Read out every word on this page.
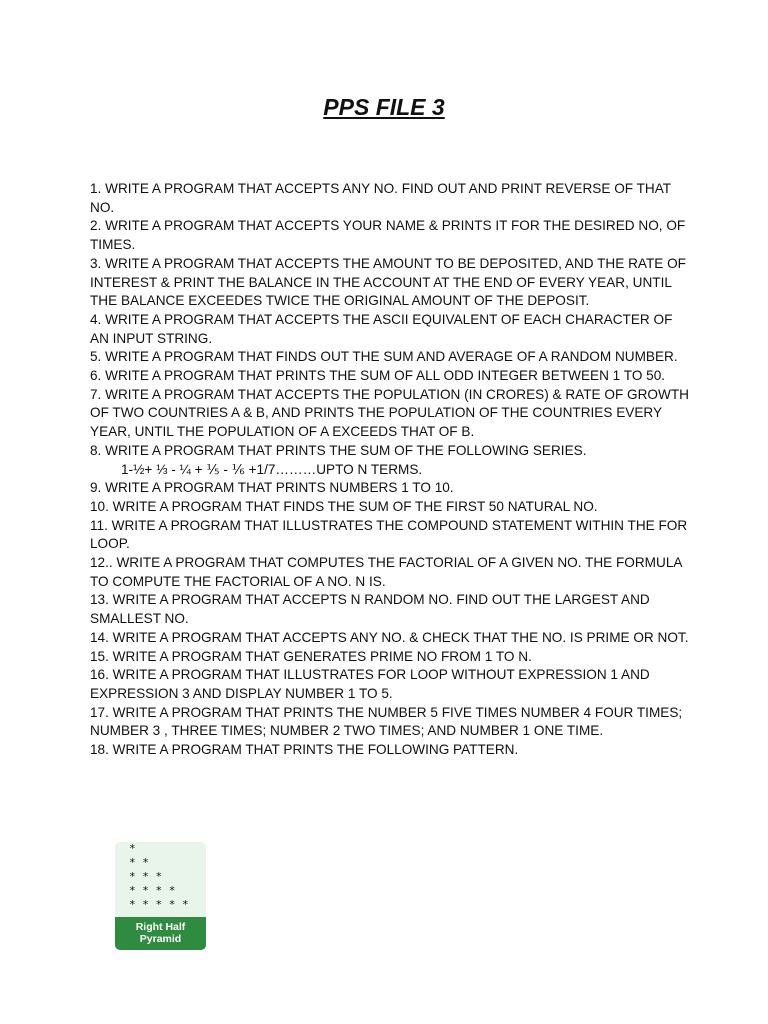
PPS FILE 3

1. WRITE A PROGRAM THAT ACCEPTS ANY NO. FIND OUT AND PRINT REVERSE OF THAT NO.

2. WRITE A PROGRAM THAT ACCEPTS YOUR NAME & PRINTS IT FOR THE DESIRED NO, OF TIMES.

3. WRITE A PROGRAM THAT ACCEPTS THE AMOUNT TO BE DEPOSITED, AND THE RATE OF INTEREST & PRINT THE BALANCE IN THE ACCOUNT AT THE END OF EVERY YEAR, UNTIL THE BALANCE EXCEEDES TWICE THE ORIGINAL AMOUNT OF THE DEPOSIT.

4. WRITE A PROGRAM THAT ACCEPTS THE ASCII EQUIVALENT OF EACH CHARACTER OF AN INPUT STRING.

5. WRITE A PROGRAM THAT FINDS OUT THE SUM AND AVERAGE OF A RANDOM NUMBER.

6. WRITE A PROGRAM THAT PRINTS THE SUM OF ALL ODD INTEGER BETWEEN 1 TO 50.

7. WRITE A PROGRAM THAT ACCEPTS THE POPULATION (IN CRORES) & RATE OF GROWTH OF TWO COUNTRIES A & B, AND PRINTS THE POPULATION OF THE COUNTRIES EVERY YEAR, UNTIL THE POPULATION OF A EXCEEDS THAT OF B.

8. WRITE A PROGRAM THAT PRINTS THE SUM OF THE FOLLOWING SERIES.

1-½+ ⅓ - ¼ + ⅕ - ⅙ +1/7………UPTO N TERMS.

9. WRITE A PROGRAM THAT PRINTS NUMBERS 1 TO 10.

10. WRITE A PROGRAM THAT FINDS THE SUM OF THE FIRST 50 NATURAL NO.

11. WRITE A PROGRAM THAT ILLUSTRATES THE COMPOUND STATEMENT WITHIN THE FOR LOOP.

12.. WRITE A PROGRAM THAT COMPUTES THE FACTORIAL OF A GIVEN NO. THE FORMULA TO COMPUTE THE FACTORIAL OF A NO. N IS.

13. WRITE A PROGRAM THAT ACCEPTS N RANDOM NO. FIND OUT THE LARGEST AND SMALLEST NO.

14. WRITE A PROGRAM THAT ACCEPTS ANY NO. & CHECK THAT THE NO. IS PRIME OR NOT.

15. WRITE A PROGRAM THAT GENERATES PRIME NO FROM 1 TO N.

16. WRITE A PROGRAM THAT ILLUSTRATES FOR LOOP WITHOUT EXPRESSION 1 AND EXPRESSION 3 AND DISPLAY NUMBER 1 TO 5.

17. WRITE A PROGRAM THAT PRINTS THE NUMBER 5 FIVE TIMES NUMBER 4 FOUR TIMES; NUMBER 3 , THREE TIMES; NUMBER 2 TWO TIMES; AND NUMBER 1 ONE TIME.

18. WRITE A PROGRAM THAT PRINTS THE FOLLOWING PATTERN.

*
* *
* * *
* * * *
* * * * *
Right Half
Pyramid
